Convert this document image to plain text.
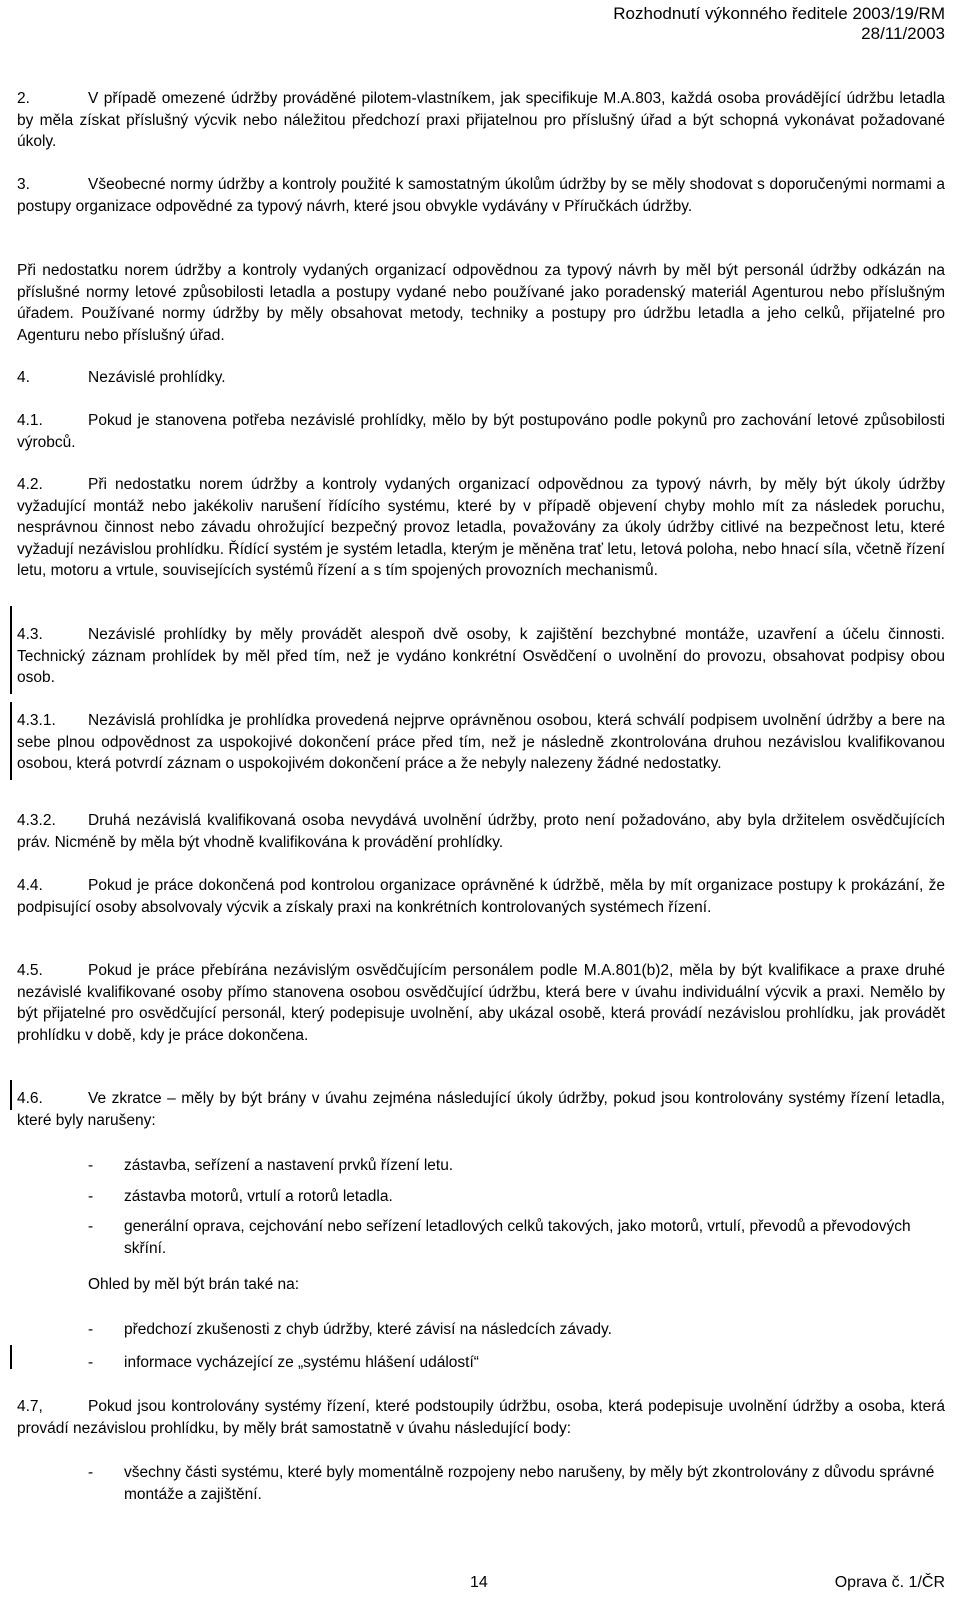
Rozhodnutí výkonného ředitele 2003/19/RM
28/11/2003
2.	V případě omezené údržby prováděné pilotem-vlastníkem, jak specifikuje M.A.803, každá osoba provádějící údržbu letadla by měla získat příslušný výcvik nebo náležitou předchozí praxi přijatelnou pro příslušný úřad a být schopná vykonávat požadované úkoly.
3.	Všeobecné normy údržby a kontroly použité k samostatným úkolům údržby by se měly shodovat s doporučenými normami a postupy organizace odpovědné za typový návrh, které jsou obvykle vydávány v Příručkách údržby.
Při nedostatku norem údržby a kontroly vydaných organizací odpovědnou za typový návrh by měl být personál údržby odkázán na příslušné normy letové způsobilosti letadla a postupy vydané nebo používané jako poradenský materiál Agenturou nebo příslušným úřadem. Používané normy údržby by měly obsahovat metody, techniky a postupy pro údržbu letadla a jeho celků, přijatelné pro Agenturu nebo příslušný úřad.
4.	Nezávislé prohlídky.
4.1.	Pokud je stanovena potřeba nezávislé prohlídky, mělo by být postupováno podle pokynů pro zachování letové způsobilosti výrobců.
4.2.	Při nedostatku norem údržby a kontroly vydaných organizací odpovědnou za typový návrh, by měly být úkoly údržby vyžadující montáž nebo jakékoliv narušení řídícího systému, které by v případě objevení chyby mohlo mít za následek poruchu, nesprávnou činnost nebo závadu ohrožující bezpečný provoz letadla, považovány za úkoly údržby citlivé na bezpečnost letu, které vyžadují nezávislou prohlídku. Řídící systém je systém letadla, kterým je měněna trať letu, letová poloha, nebo hnací síla, včetně řízení letu, motoru a vrtule, souvisejících systémů řízení a s tím spojených provozních mechanismů.
4.3.	Nezávislé prohlídky by měly provádět alespoň dvě osoby, k zajištění bezchybné montáže, uzavření a účelu činnosti. Technický záznam prohlídek by měl před tím, než je vydáno konkrétní Osvědčení o uvolnění do provozu, obsahovat podpisy obou osob.
4.3.1. Nezávislá prohlídka je prohlídka provedená nejprve oprávněnou osobou, která schválí podpisem uvolnění údržby a bere na sebe plnou odpovědnost za uspokojivé dokončení práce před tím, než je následně zkontrolována druhou nezávislou kvalifikovanou osobou, která potvrdí záznam o uspokojivém dokončení práce a že nebyly nalezeny žádné nedostatky.
4.3.2. Druhá nezávislá kvalifikovaná osoba nevydává uvolnění údržby, proto není požadováno, aby byla držitelem osvědčujících práv. Nicméně by měla být vhodně kvalifikována k provádění prohlídky.
4.4.	Pokud je práce dokončená pod kontrolou organizace oprávněné k údržbě, měla by mít organizace postupy k prokázání, že podpisující osoby absolvovaly výcvik a získaly praxi na konkrétních kontrolovaných systémech řízení.
4.5.	Pokud je práce přebírána nezávislým osvědčujícím personálem podle M.A.801(b)2, měla by být kvalifikace a praxe druhé nezávislé kvalifikované osoby přímo stanovena osobou osvědčující údržbu, která bere v úvahu individuální výcvik a praxi. Nemělo by být přijatelné pro osvědčující personál, který podepisuje uvolnění, aby ukázal osobě, která provádí nezávislou prohlídku, jak provádět prohlídku v době, kdy je práce dokončena.
4.6.	Ve zkratce – měly by být brány v úvahu zejména následující úkoly údržby, pokud jsou kontrolovány systémy řízení letadla, které byly narušeny:
- zástavba, seřízení a nastavení prvků řízení letu.
- zástavba motorů, vrtulí a rotorů letadla.
- generální oprava, cejchování nebo seřízení letadlových celků takových, jako motorů, vrtulí, převodů a převodových skříní.
Ohled by měl být brán také na:
- předchozí zkušenosti z chyb údržby, které závisí na následcích závady.
- informace vycházející ze „systému hlášení událostí“
4.7,	Pokud jsou kontrolovány systémy řízení, které podstoupily údržbu, osoba, která podepisuje uvolnění údržby a osoba, která provádí nezávislou prohlídku, by měly brát samostatně v úvahu následující body:
- všechny části systému, které byly momentálně rozpojeny nebo narušeny, by měly být zkontrolovány z důvodu správné montáže a zajištění.
14	Oprava č. 1/ČR
